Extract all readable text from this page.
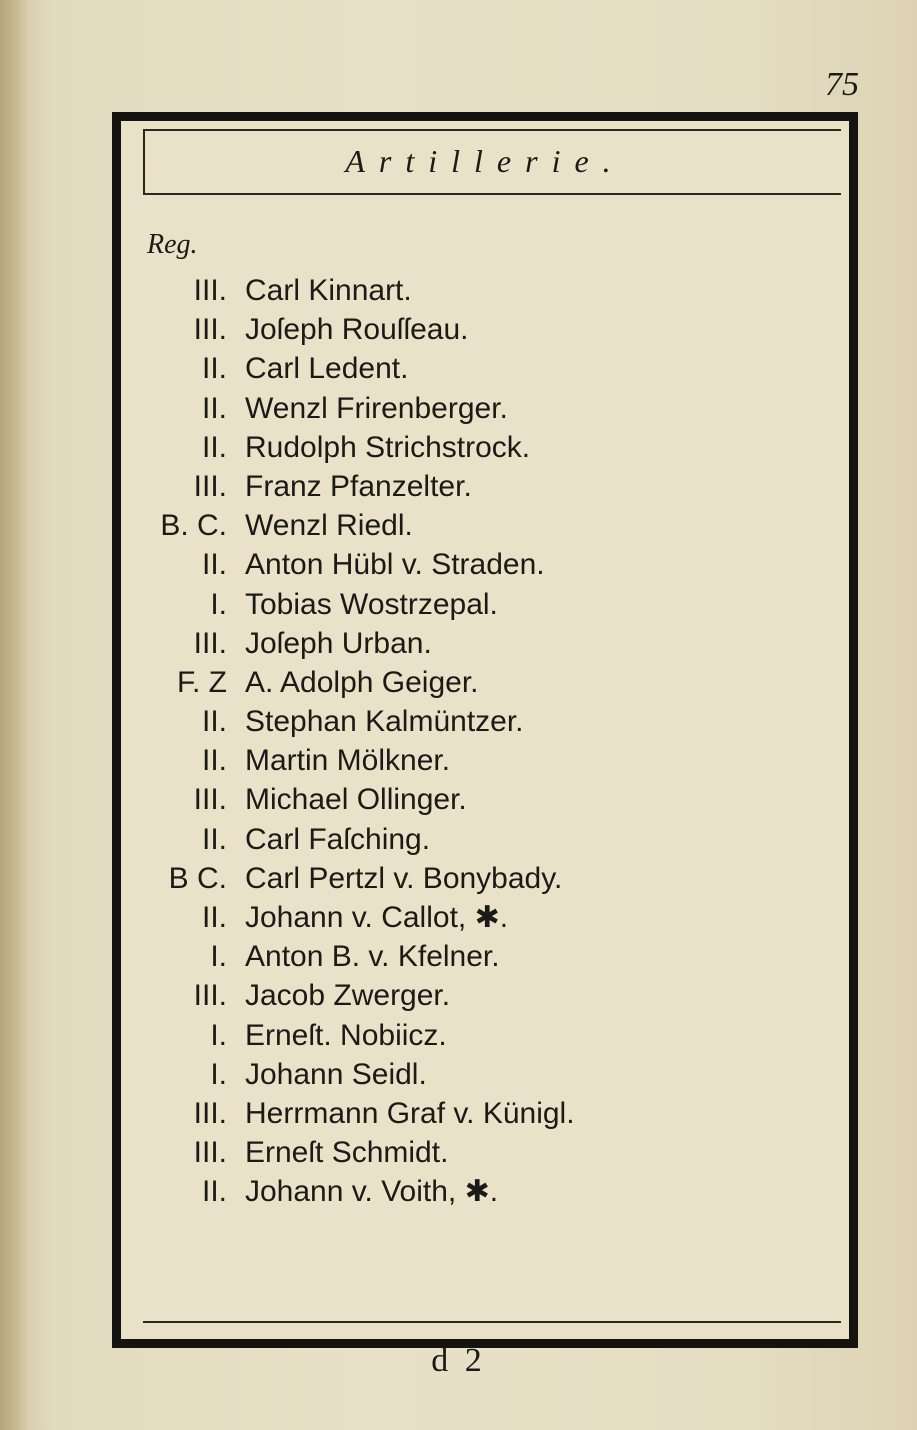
75
Artillerie.
Reg.
III. Carl Kinnart.
III. Joſeph Rouſſeau.
II. Carl Ledent.
II. Wenzl Frirenberger.
II. Rudolph Strichstrock.
III. Franz Pfanzelter.
B. C. Wenzl Riedl.
II. Anton Hübl v. Straden.
I. Tobias Wostrzepal.
III. Joſeph Urban.
F. Z A. Adolph Geiger.
II. Stephan Kalmüntzer.
II. Martin Mölkner.
III. Michael Ollinger.
II. Carl Faſching.
B C. Carl Pertzl v. Bonybady.
II. Johann v. Callot, ✱.
I. Anton B. v. Kfelner.
III. Jacob Zwerger.
I. Erneſt. Nobiicz.
I. Johann Seidl.
III. Herrmann Graf v. Künigl.
III. Erneſt Schmidt.
II. Johann v. Voith, ✱.
d 2
